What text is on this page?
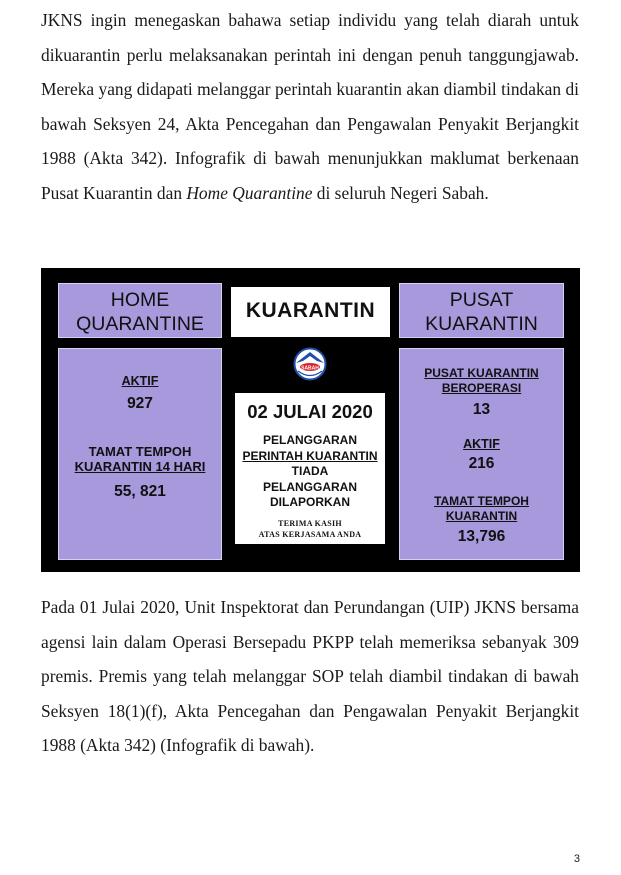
JKNS ingin menegaskan bahawa setiap individu yang telah diarah untuk dikuarantin perlu melaksanakan perintah ini dengan penuh tanggungjawab. Mereka yang didapati melanggar perintah kuarantin akan diambil tindakan di bawah Seksyen 24, Akta Pencegahan dan Pengawalan Penyakit Berjangkit 1988 (Akta 342). Infografik di bawah menunjukkan maklumat berkenaan Pusat Kuarantin dan Home Quarantine di seluruh Negeri Sabah.

HOME
QUARANTINE
KUARANTIN	PUSAT
KUARANTIN
AKTIF
927
TAMAT TEMPOH
KUARANTIN 14 HARI
55, 821
SABAH
02 JULAI 2020
PELANGGARAN
PERINTAH KUARANTIN
TIADA
PELANGGARAN
DILAPORKAN
TERIMA KASIH
ATAS KERJASAMA ANDA
PUSAT KUARANTIN
BEROPERASI
13
AKTIF
216
TAMAT TEMPOH
KUARANTIN
13,796

Pada 01 Julai 2020, Unit Inspektorat dan Perundangan (UIP) JKNS bersama agensi lain dalam Operasi Bersepadu PKPP telah memeriksa sebanyak 309 premis. Premis yang telah melanggar SOP telah diambil tindakan di bawah Seksyen 18(1)(f), Akta Pencegahan dan Pengawalan Penyakit Berjangkit 1988 (Akta 342) (Infografik di bawah).

3
